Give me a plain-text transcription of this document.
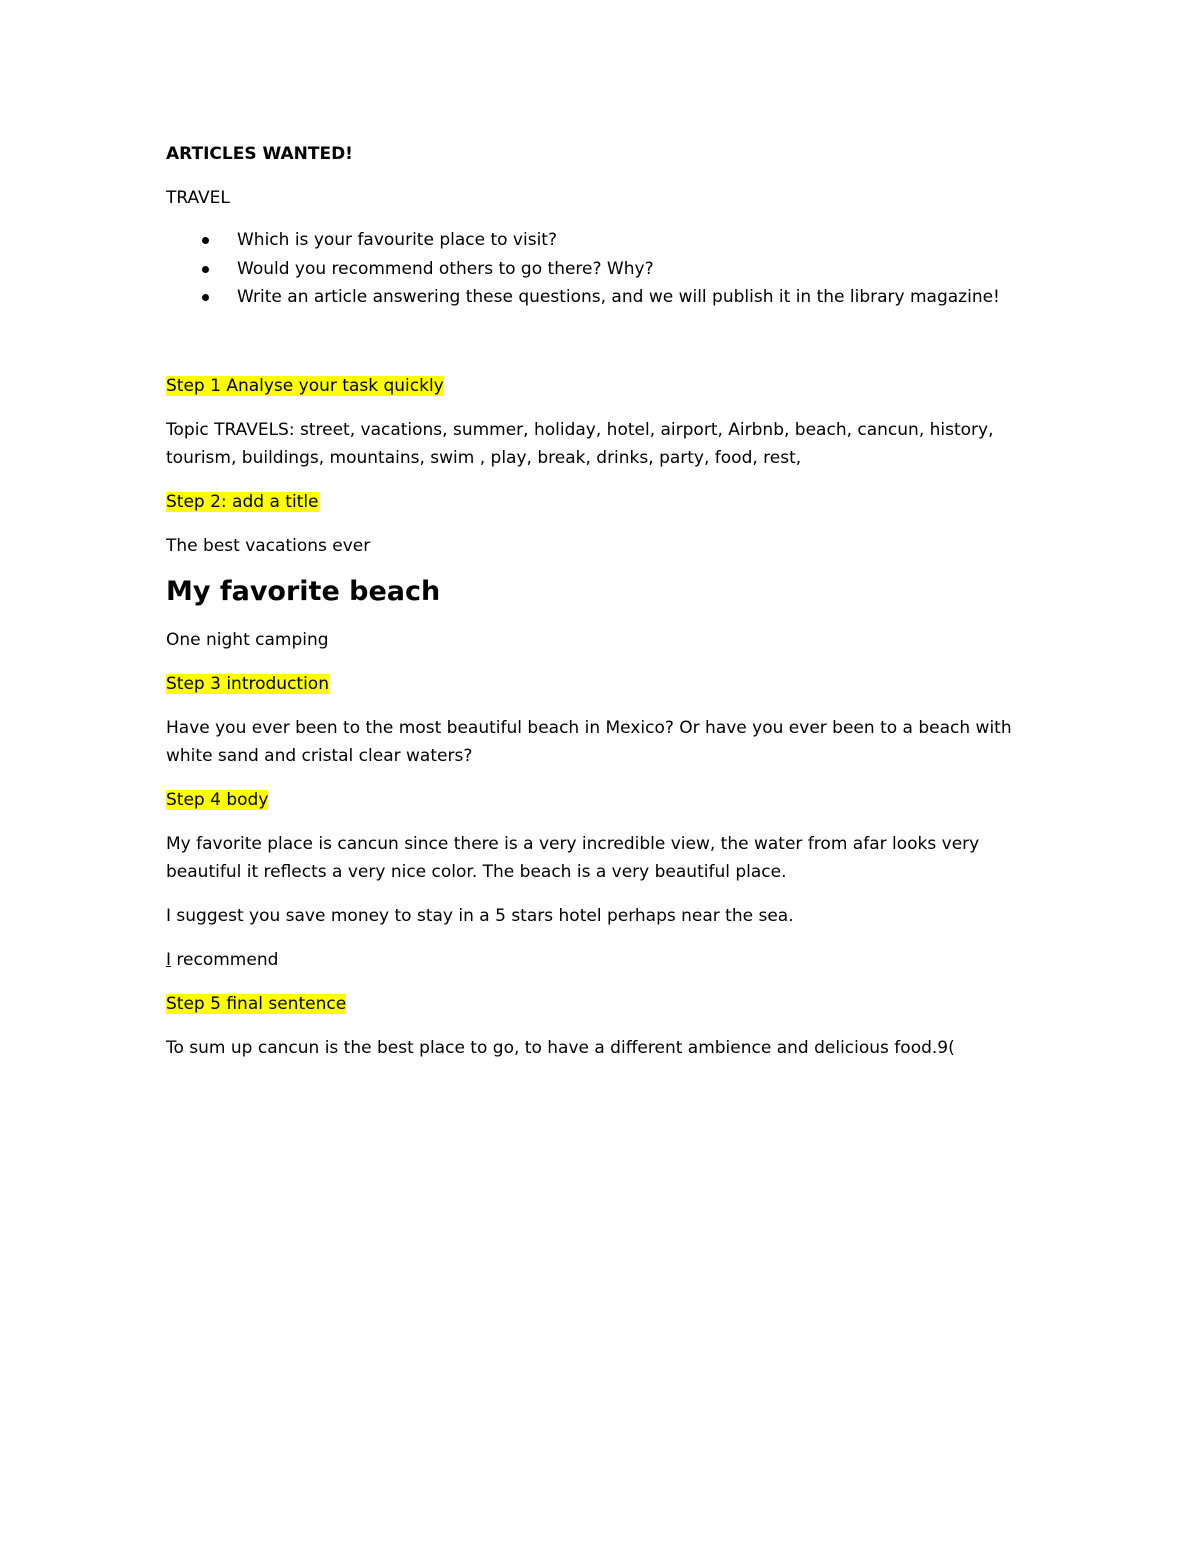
ARTICLES WANTED!

TRAVEL

Which is your favourite place to visit?
Would you recommend others to go there? Why?
Write an article answering these questions, and we will publish it in the library magazine!

Step 1 Analyse your task quickly

Topic TRAVELS: street, vacations, summer, holiday, hotel, airport, Airbnb, beach, cancun, history,

tourism, buildings, mountains, swim , play, break, drinks, party, food, rest,

Step 2: add a title

The best vacations ever

My favorite beach

One night camping

Step 3 introduction

Have you ever been to the most beautiful beach in Mexico? Or have you ever been to a beach with

white sand and cristal clear waters?

Step 4 body

My favorite place is cancun since there is a very incredible view, the water from afar looks very

beautiful it reflects a very nice color. The beach is a very beautiful place.

I suggest you save money to stay in a 5 stars hotel perhaps near the sea.

I recommend

Step 5 final sentence

To sum up cancun is the best place to go, to have a different ambience and delicious food.9(
